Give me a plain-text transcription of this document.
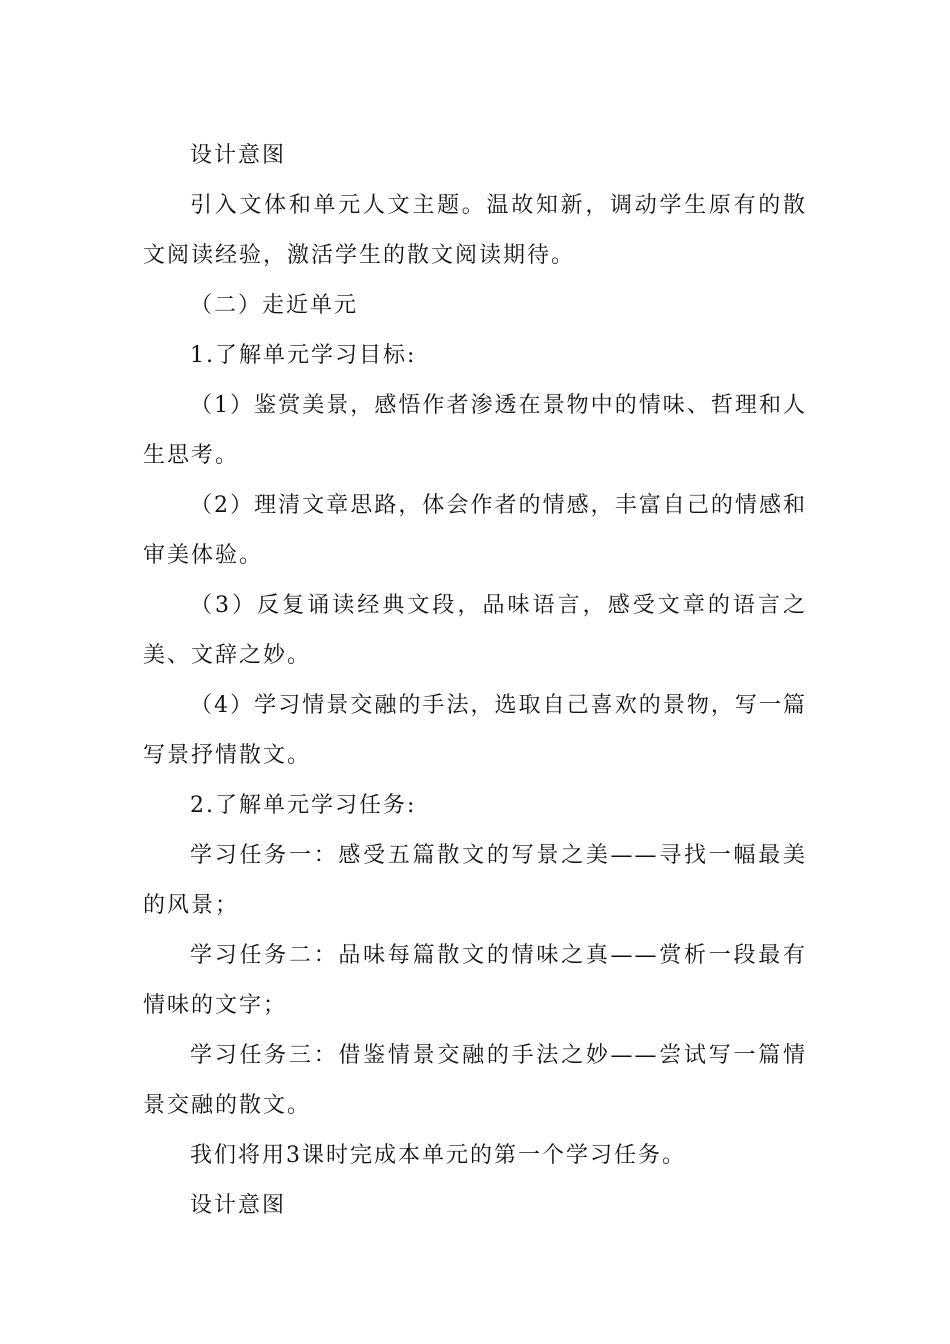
设计意图

引入文体和单元人文主题。温故知新，调动学生原有的散文阅读经验，激活学生的散文阅读期待。

（二）走近单元

1.了解单元学习目标:

（1）鉴赏美景，感悟作者渗透在景物中的情味、哲理和人生思考。

（2）理清文章思路，体会作者的情感，丰富自己的情感和审美体验。

（3）反复诵读经典文段，品味语言，感受文章的语言之美、文辞之妙。

（4）学习情景交融的手法，选取自己喜欢的景物，写一篇写景抒情散文。

2.了解单元学习任务:

学习任务一：感受五篇散文的写景之美——寻找一幅最美的风景；

学习任务二：品味每篇散文的情味之真——赏析一段最有情味的文字；

学习任务三：借鉴情景交融的手法之妙——尝试写一篇情景交融的散文。

我们将用3课时完成本单元的第一个学习任务。

设计意图
